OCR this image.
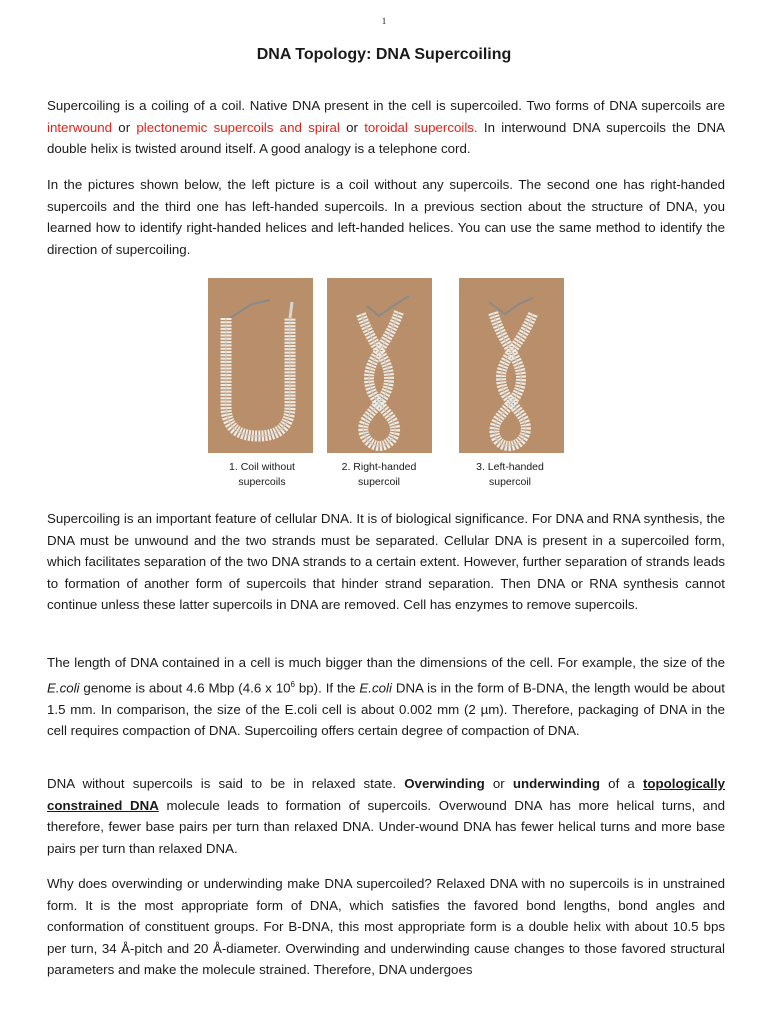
1
DNA Topology: DNA Supercoiling

Supercoiling is a coiling of a coil. Native DNA present in the cell is supercoiled. Two forms of DNA supercoils are interwound or plectonemic supercoils and spiral or toroidal supercoils. In interwound DNA supercoils the DNA double helix is twisted around itself. A good analogy is a telephone cord.

In the pictures shown below, the left picture is a coil without any supercoils. The second one has right-handed supercoils and the third one has left-handed supercoils. In a previous section about the structure of DNA, you learned how to identify right-handed helices and left-handed helices. You can use the same method to identify the direction of supercoiling.

1. Coil without
supercoils
2. Right-handed
supercoil
3. Left-handed
supercoil

Supercoiling is an important feature of cellular DNA. It is of biological significance. For DNA and RNA synthesis, the DNA must be unwound and the two strands must be separated. Cellular DNA is present in a supercoiled form, which facilitates separation of the two DNA strands to a certain extent. However, further separation of strands leads to formation of another form of supercoils that hinder strand separation. Then DNA or RNA synthesis cannot continue unless these latter supercoils in DNA are removed. Cell has enzymes to remove supercoils.

The length of DNA contained in a cell is much bigger than the dimensions of the cell. For example, the size of the E.coli genome is about 4.6 Mbp (4.6 x $10^6$ bp). If the E.coli DNA is in the form of B-DNA, the length would be about 1.5 mm. In comparison, the size of the E.coli cell is about 0.002 mm (2 µm). Therefore, packaging of DNA in the cell requires compaction of DNA. Supercoiling offers certain degree of compaction of DNA.

DNA without supercoils is said to be in relaxed state. Overwinding or underwinding of a topologically constrained DNA molecule leads to formation of supercoils. Overwound DNA has more helical turns, and therefore, fewer base pairs per turn than relaxed DNA. Under-wound DNA has fewer helical turns and more base pairs per turn than relaxed DNA.

Why does overwinding or underwinding make DNA supercoiled? Relaxed DNA with no supercoils is in unstrained form. It is the most appropriate form of DNA, which satisfies the favored bond lengths, bond angles and conformation of constituent groups. For B-DNA, this most appropriate form is a double helix with about 10.5 bps per turn, 34 Å-pitch and 20 Å-diameter. Overwinding and underwinding cause changes to those favored structural parameters and make the molecule strained. Therefore, DNA undergoes
